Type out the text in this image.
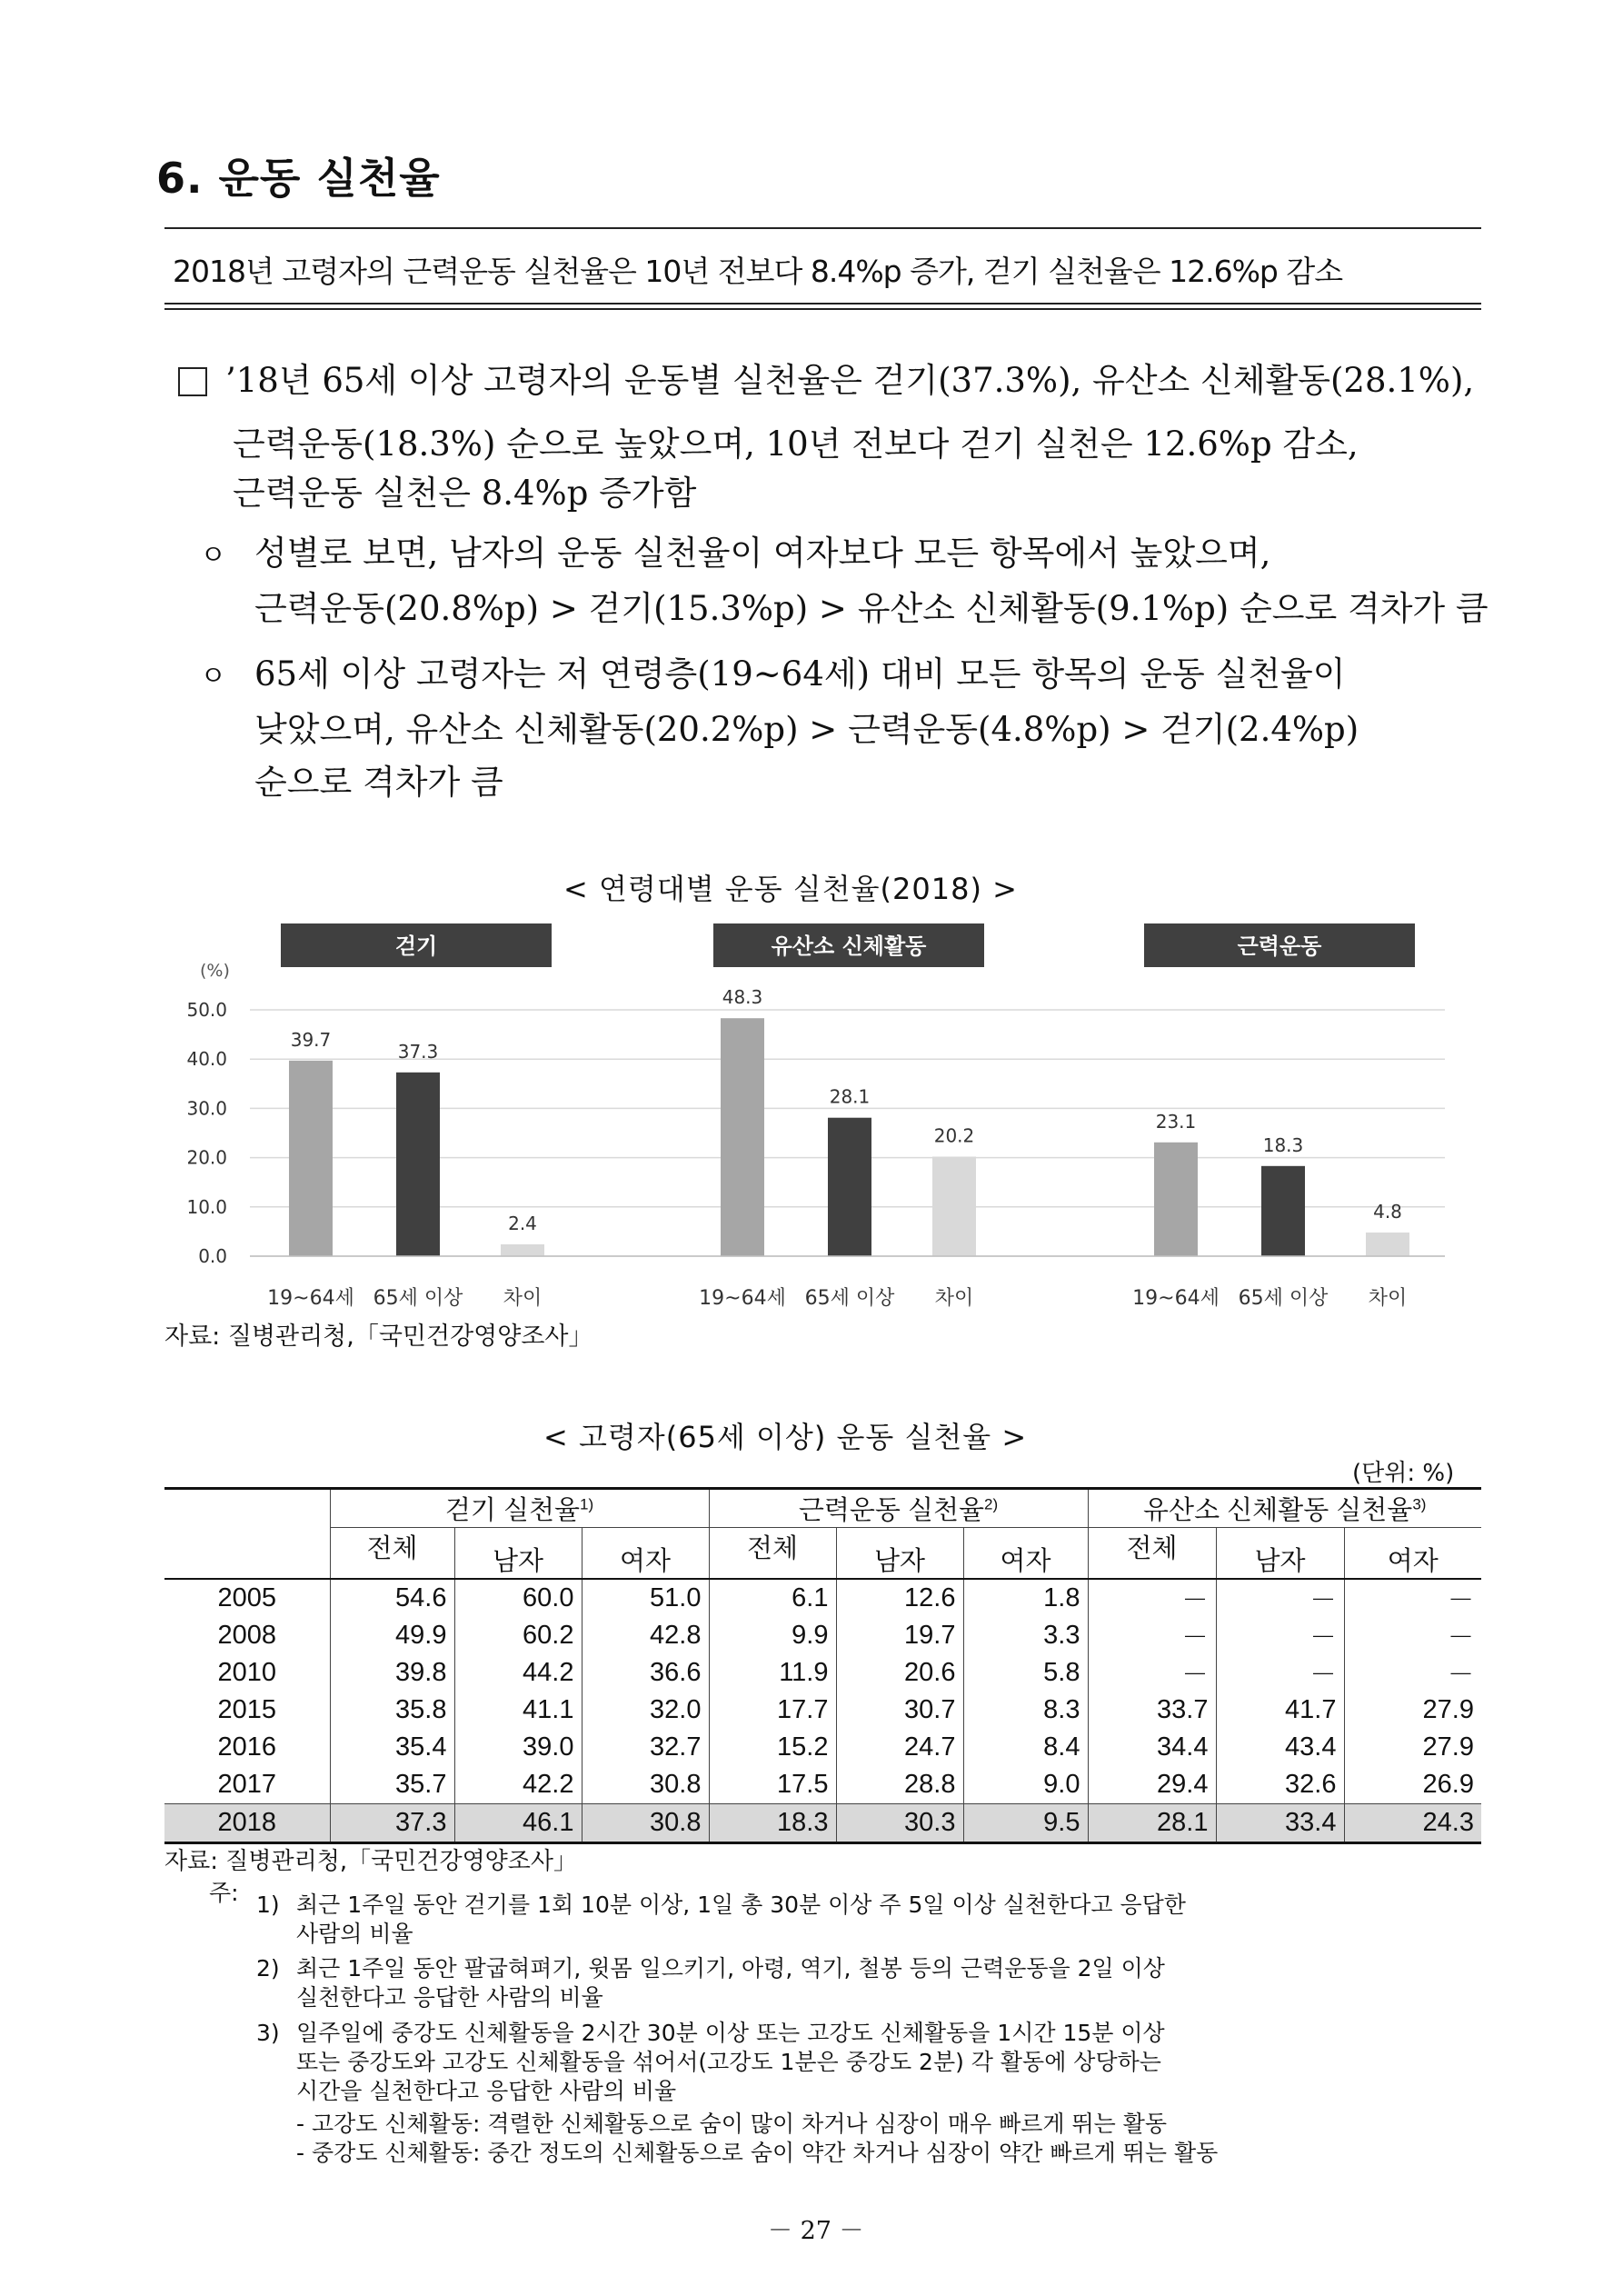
6. 운동 실천율
2018년 고령자의 근력운동 실천율은 10년 전보다 8.4%p 증가, 걷기 실천율은 12.6%p 감소
’18년 65세 이상 고령자의 운동별 실천율은 걷기(37.3%), 유산소 신체활동(28.1%),
근력운동(18.3%) 순으로 높았으며, 10년 전보다 걷기 실천은 12.6%p 감소,
근력운동 실천은 8.4%p 증가함
ㅇ 성별로 보면, 남자의 운동 실천율이 여자보다 모든 항목에서 높았으며,
근력운동(20.8%p) > 걷기(15.3%p) > 유산소 신체활동(9.1%p) 순으로 격차가 큼
ㅇ 65세 이상 고령자는 저 연령층(19~64세) 대비 모든 항목의 운동 실천율이
낮았으며, 유산소 신체활동(20.2%p) > 근력운동(4.8%p) > 걷기(2.4%p)
순으로 격차가 큼
< 연령대별 운동 실천율(2018) >
(%)
0.0
10.0
20.0
30.0
40.0
50.0
걷기
39.7
19~64세
37.3
65세 이상
2.4
차이
유산소 신체활동
48.3
19~64세
28.1
65세 이상
20.2
차이
근력운동
23.1
19~64세
18.3
65세 이상
4.8
차이
자료: 질병관리청,「국민건강영양조사」
< 고령자(65세 이상) 운동 실천율 >
(단위: %)
	걷기 실천율$^{1)}$			근력운동 실천율$^{2)}$			유산소 신체활동 실천율$^{3)}$
	전체	남자	여자	전체	남자	여자	전체	남자	여자
2005	54.6	60.0	51.0	6.1	12.6	1.8	－	－	－
2008	49.9	60.2	42.8	9.9	19.7	3.3	－	－	－
2010	39.8	44.2	36.6	11.9	20.6	5.8	－	－	－
2015	35.8	41.1	32.0	17.7	30.7	8.3	33.7	41.7	27.9
2016	35.4	39.0	32.7	15.2	24.7	8.4	34.4	43.4	27.9
2017	35.7	42.2	30.8	17.5	28.8	9.0	29.4	32.6	26.9
2018	37.3	46.1	30.8	18.3	30.3	9.5	28.1	33.4	24.3
자료: 질병관리청,「국민건강영양조사」
주: 1) 최근 1주일 동안 걷기를 1회 10분 이상, 1일 총 30분 이상 주 5일 이상 실천한다고 응답한
사람의 비율
2) 최근 1주일 동안 팔굽혀펴기, 윗몸 일으키기, 아령, 역기, 철봉 등의 근력운동을 2일 이상
실천한다고 응답한 사람의 비율
3) 일주일에 중강도 신체활동을 2시간 30분 이상 또는 고강도 신체활동을 1시간 15분 이상
또는 중강도와 고강도 신체활동을 섞어서(고강도 1분은 중강도 2분) 각 활동에 상당하는
시간을 실천한다고 응답한 사람의 비율
- 고강도 신체활동: 격렬한 신체활동으로 숨이 많이 차거나 심장이 매우 빠르게 뛰는 활동
- 중강도 신체활동: 중간 정도의 신체활동으로 숨이 약간 차거나 심장이 약간 빠르게 뛰는 활동
－ 27 －
